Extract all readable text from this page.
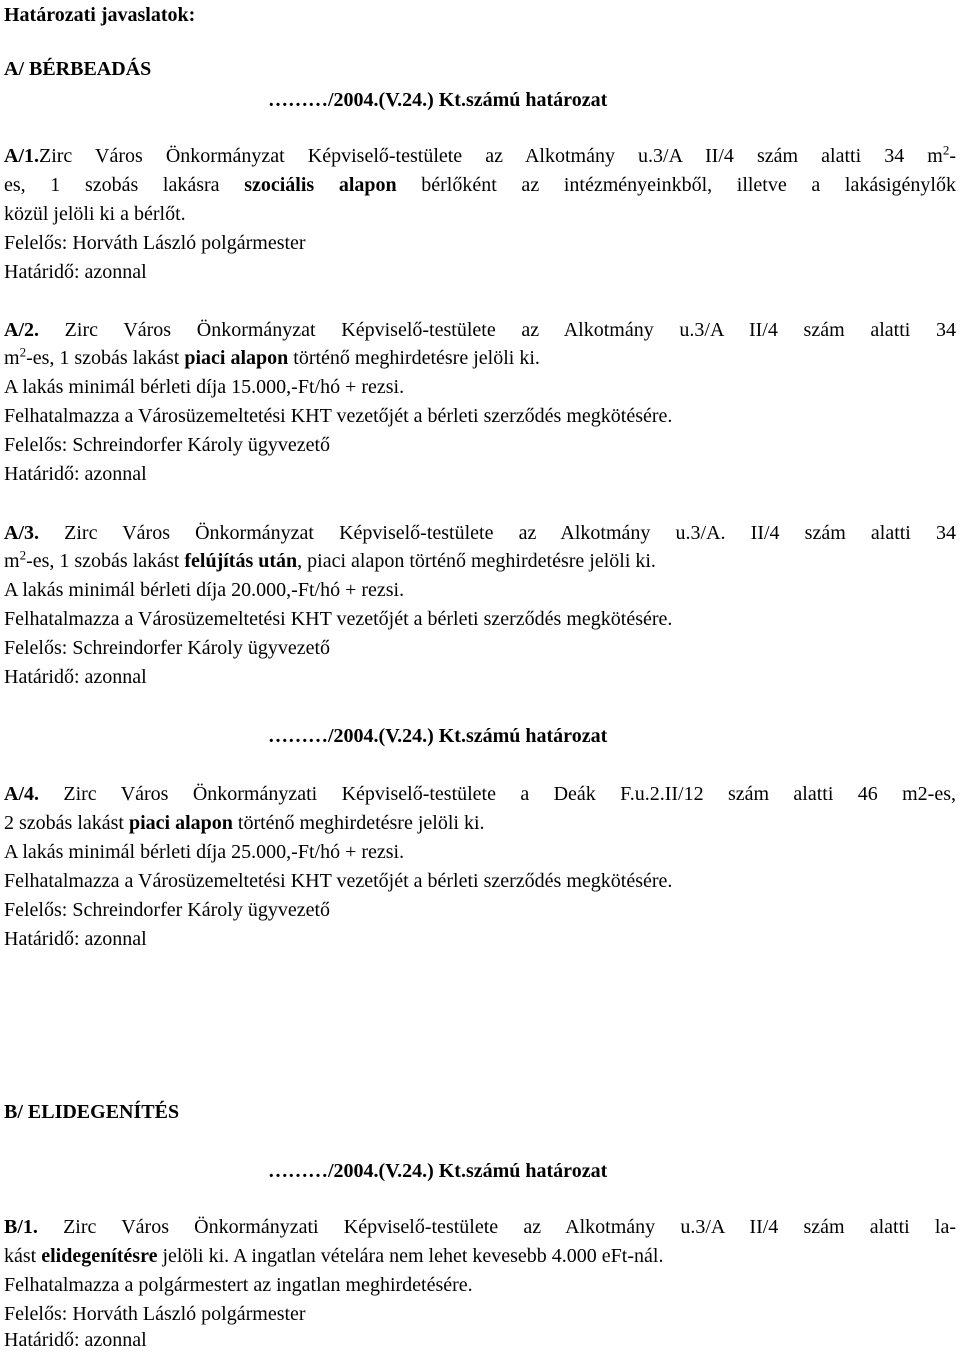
Határozati javaslatok:
A/ BÉRBEADÁS
………/2004.(V.24.) Kt.számú határozat
A/1.Zirc Város Önkormányzat Képviselő-testülete az Alkotmány u.3/A II/4 szám alatti 34 $m^2-$
es, 1 szobás lakásra szociális alapon bérlőként az intézményeinkből, illetve a lakásigénylők
közül jelöli ki a bérlőt.
Felelős: Horváth László polgármester
Határidő: azonnal
A/2. Zirc Város Önkormányzat Képviselő-testülete az Alkotmány u.3/A II/4 szám alatti 34
$m^2-es$, 1 szobás lakást piaci alapon történő meghirdetésre jelöli ki.
A lakás minimál bérleti díja 15.000,-Ft/hó + rezsi.
Felhatalmazza a Városüzemeltetési KHT vezetőjét a bérleti szerződés megkötésére.
Felelős: Schreindorfer Károly ügyvezető
Határidő: azonnal
A/3. Zirc Város Önkormányzat Képviselő-testülete az Alkotmány u.3/A. II/4 szám alatti 34
$m^2-es$, 1 szobás lakást felújítás után, piaci alapon történő meghirdetésre jelöli ki.
A lakás minimál bérleti díja 20.000,-Ft/hó + rezsi.
Felhatalmazza a Városüzemeltetési KHT vezetőjét a bérleti szerződés megkötésére.
Felelős: Schreindorfer Károly ügyvezető
Határidő: azonnal
………/2004.(V.24.) Kt.számú határozat
A/4. Zirc Város Önkormányzati Képviselő-testülete a Deák F.u.2.II/12 szám alatti 46 m2-es,
2 szobás lakást piaci alapon történő meghirdetésre jelöli ki.
A lakás minimál bérleti díja 25.000,-Ft/hó + rezsi.
Felhatalmazza a Városüzemeltetési KHT vezetőjét a bérleti szerződés megkötésére.
Felelős: Schreindorfer Károly ügyvezető
Határidő: azonnal
B/ ELIDEGENÍTÉS
………/2004.(V.24.) Kt.számú határozat
B/1. Zirc Város Önkormányzati Képviselő-testülete az Alkotmány u.3/A II/4 szám alatti la-
kást elidegenítésre jelöli ki. A ingatlan vételára nem lehet kevesebb 4.000 eFt-nál.
Felhatalmazza a polgármestert az ingatlan meghirdetésére.
Felelős: Horváth László polgármester
Határidő: azonnal
